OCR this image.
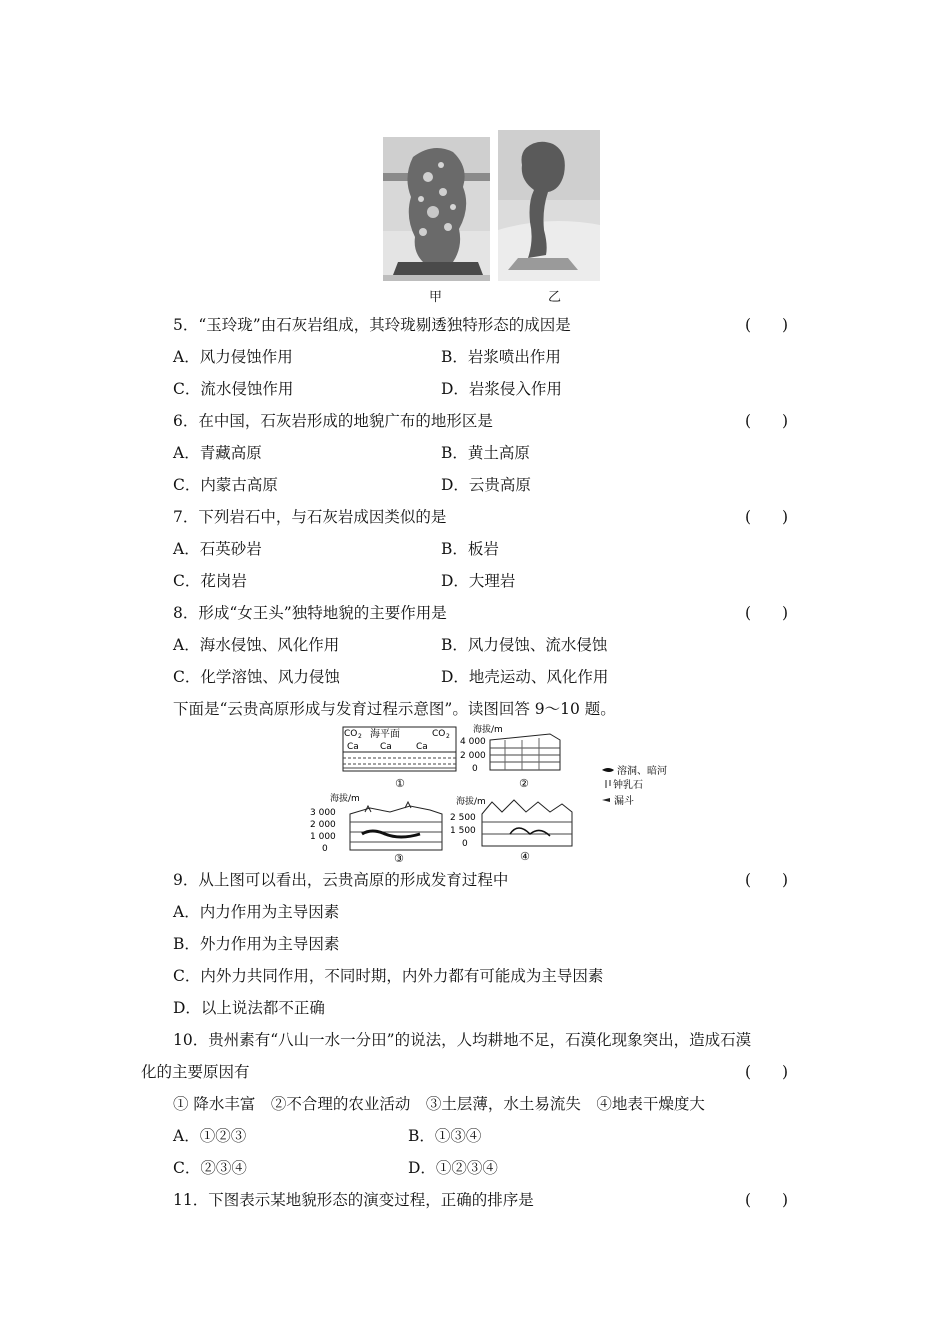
甲	乙
5．“玉玲珑”由石灰岩组成，其玲珑剔透独特形态的成因是	(　　)
A．风力侵蚀作用	B．岩浆喷出作用
C．流水侵蚀作用	D．岩浆侵入作用
6．在中国，石灰岩形成的地貌广布的地形区是	(　　)
A．青藏高原	B．黄土高原
C．内蒙古高原	D．云贵高原
7．下列岩石中，与石灰岩成因类似的是	(　　)
A．石英砂岩	B．板岩
C．花岗岩	D．大理岩
8．形成“女王头”独特地貌的主要作用是	(　　)
A．海水侵蚀、风化作用	B．风力侵蚀、流水侵蚀
C．化学溶蚀、风力侵蚀	D．地壳运动、风化作用
下面是“云贵高原形成与发育过程示意图”。读图回答 9～10 题。
CO 2 海平面	CO 2
Ca Ca	Ca
①
海拔/m
4 000
2 000
0
②
海拔/m
3 000
2 000
1 000
0
③
海拔/m
2 500
1 500
0
④
溶洞、暗河
钟乳石
漏斗
9．从上图可以看出，云贵高原的形成发育过程中	(　　)
A．内力作用为主导因素
B．外力作用为主导因素
C．内外力共同作用，不同时期，内外力都有可能成为主导因素
D．以上说法都不正确
10．贵州素有“八山一水一分田”的说法，人均耕地不足，石漠化现象突出，造成石漠
化的主要原因有	(　　)
① 降水丰富　②不合理的农业活动　③土层薄，水土易流失　④地表干燥度大
A．①②③	B．①③④
C．②③④	D．①②③④
11．下图表示某地貌形态的演变过程，正确的排序是	(　　)
